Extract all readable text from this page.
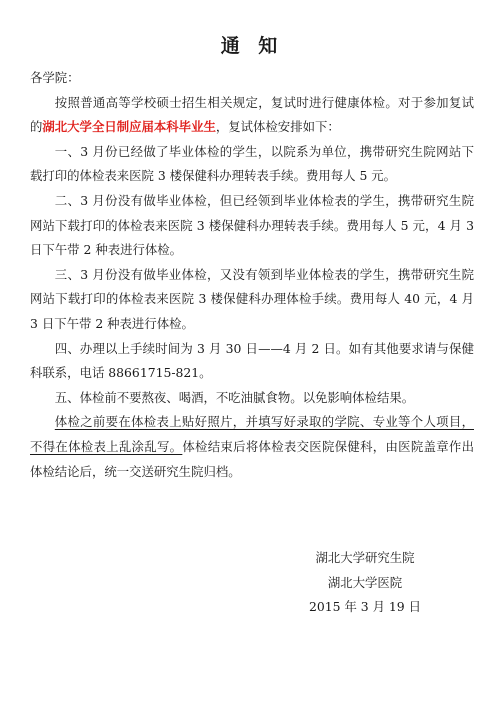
通 知

各学院：

按照普通高等学校硕士招生相关规定，复试时进行健康体检。对于参加复试的湖北大学全日制应届本科毕业生，复试体检安排如下：

一、3 月份已经做了毕业体检的学生，以院系为单位，携带研究生院网站下载打印的体检表来医院 3 楼保健科办理转表手续。费用每人 5 元。

二、3 月份没有做毕业体检，但已经领到毕业体检表的学生，携带研究生院网站下载打印的体检表来医院 3 楼保健科办理转表手续。费用每人 5 元，4 月 3 日下午带 2 种表进行体检。

三、3 月份没有做毕业体检，又没有领到毕业体检表的学生，携带研究生院网站下载打印的体检表来医院 3 楼保健科办理体检手续。费用每人 40 元，4 月 3 日下午带 2 种表进行体检。

四、办理以上手续时间为 3 月 30 日——4 月 2 日。如有其他要求请与保健科联系，电话 88661715-821。

五、体检前不要熬夜、喝酒，不吃油腻食物。以免影响体检结果。

体检之前要在体检表上贴好照片，并填写好录取的学院、专业等个人项目，不得在体检表上乱涂乱写。体检结束后将体检表交医院保健科，由医院盖章作出体检结论后，统一交送研究生院归档。

湖北大学研究生院
湖北大学医院
2015 年 3 月 19 日
